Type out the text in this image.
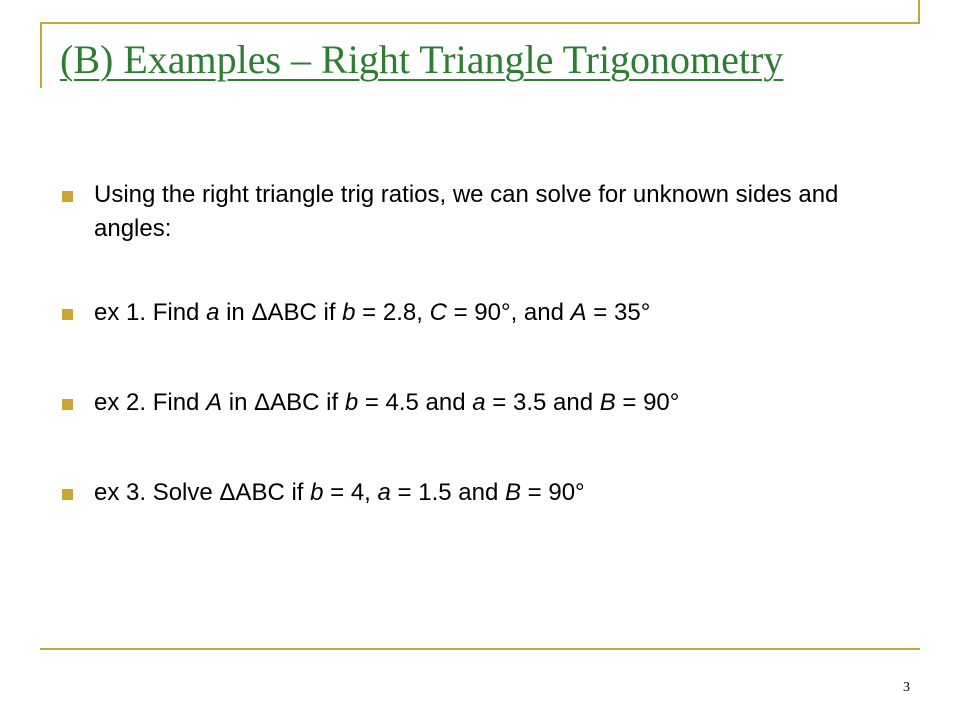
(B) Examples – Right Triangle Trigonometry
Using the right triangle trig ratios, we can solve for unknown sides and angles:
ex 1. Find a in ΔABC if b = 2.8, C = 90°, and A = 35°
ex 2. Find A in ΔABC if b = 4.5 and a = 3.5 and B = 90°
ex 3. Solve ΔABC if b = 4, a = 1.5 and B = 90°
3
